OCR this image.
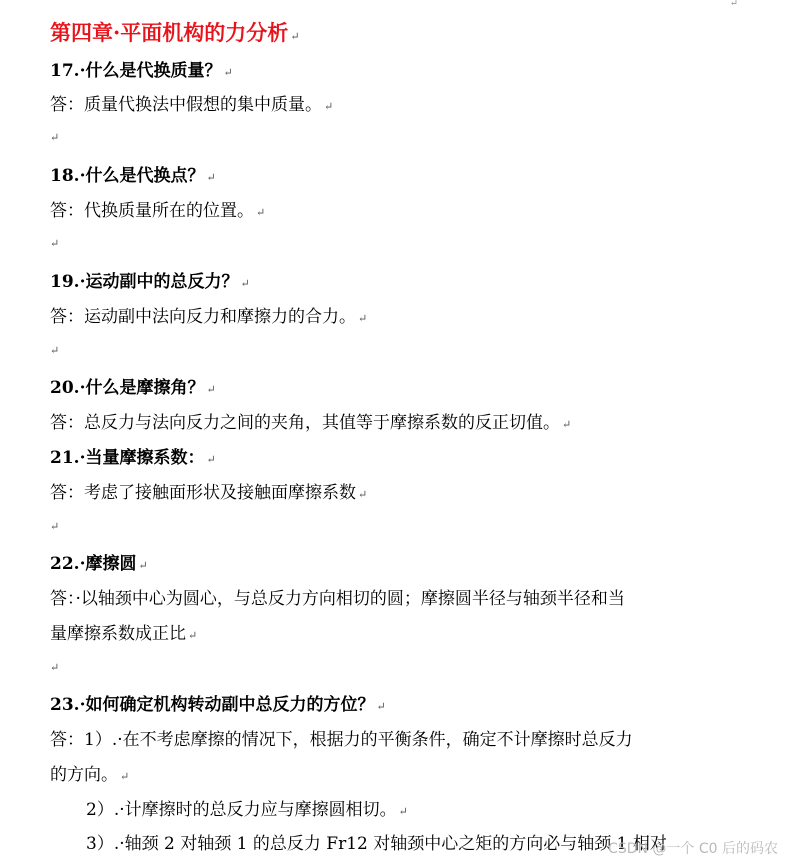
↵
第四章·平面机构的力分析 ↵
17.·什么是代换质量？ ↵
答：质量代换法中假想的集中质量。 ↵
↵
18.·什么是代换点？ ↵
答：代换质量所在的位置。 ↵
↵
19.·运动副中的总反力？ ↵
答：运动副中法向反力和摩擦力的合力。 ↵
↵
20.·什么是摩擦角？ ↵
答：总反力与法向反力之间的夹角，其值等于摩擦系数的反正切值。 ↵
21.·当量摩擦系数： ↵
答：考虑了接触面形状及接触面摩擦系数 ↵
↵
22.·摩擦圆 ↵
答：·以轴颈中心为圆心，与总反力方向相切的圆；摩擦圆半径与轴颈半径和当
量摩擦系数成正比 ↵
↵
23.·如何确定机构转动副中总反力的方位？ ↵
答：1）.·在不考虑摩擦的情况下，根据力的平衡条件，确定不计摩擦时总反力
的方向。 ↵
2）.·计摩擦时的总反力应与摩擦圆相切。 ↵
3）.·轴颈 2 对轴颈 1 的总反力 Fr12 对轴颈中心之矩的方向必与轴颈 1 相对
CSDN @一个 C0 后的码农
